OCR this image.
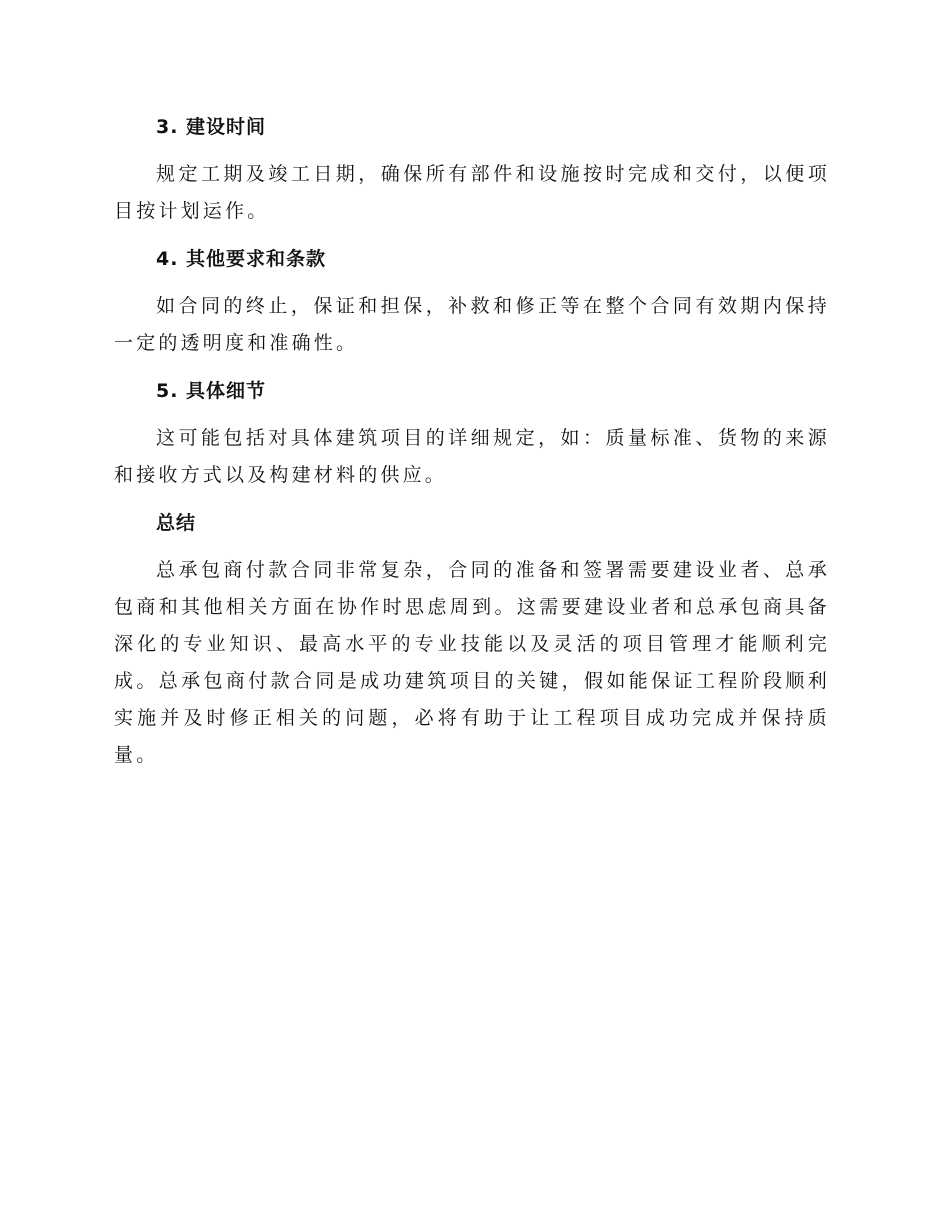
3. 建设时间

规定工期及竣工日期，确保所有部件和设施按时完成和交付，以便项目按计划运作。

4. 其他要求和条款

如合同的终止，保证和担保，补救和修正等在整个合同有效期内保持一定的透明度和准确性。

5. 具体细节

这可能包括对具体建筑项目的详细规定，如：质量标准、货物的来源和接收方式以及构建材料的供应。

总结

总承包商付款合同非常复杂，合同的准备和签署需要建设业者、总承包商和其他相关方面在协作时思虑周到。这需要建设业者和总承包商具备深化的专业知识、最高水平的专业技能以及灵活的项目管理才能顺利完成。总承包商付款合同是成功建筑项目的关键，假如能保证工程阶段顺利实施并及时修正相关的问题，必将有助于让工程项目成功完成并保持质量。
